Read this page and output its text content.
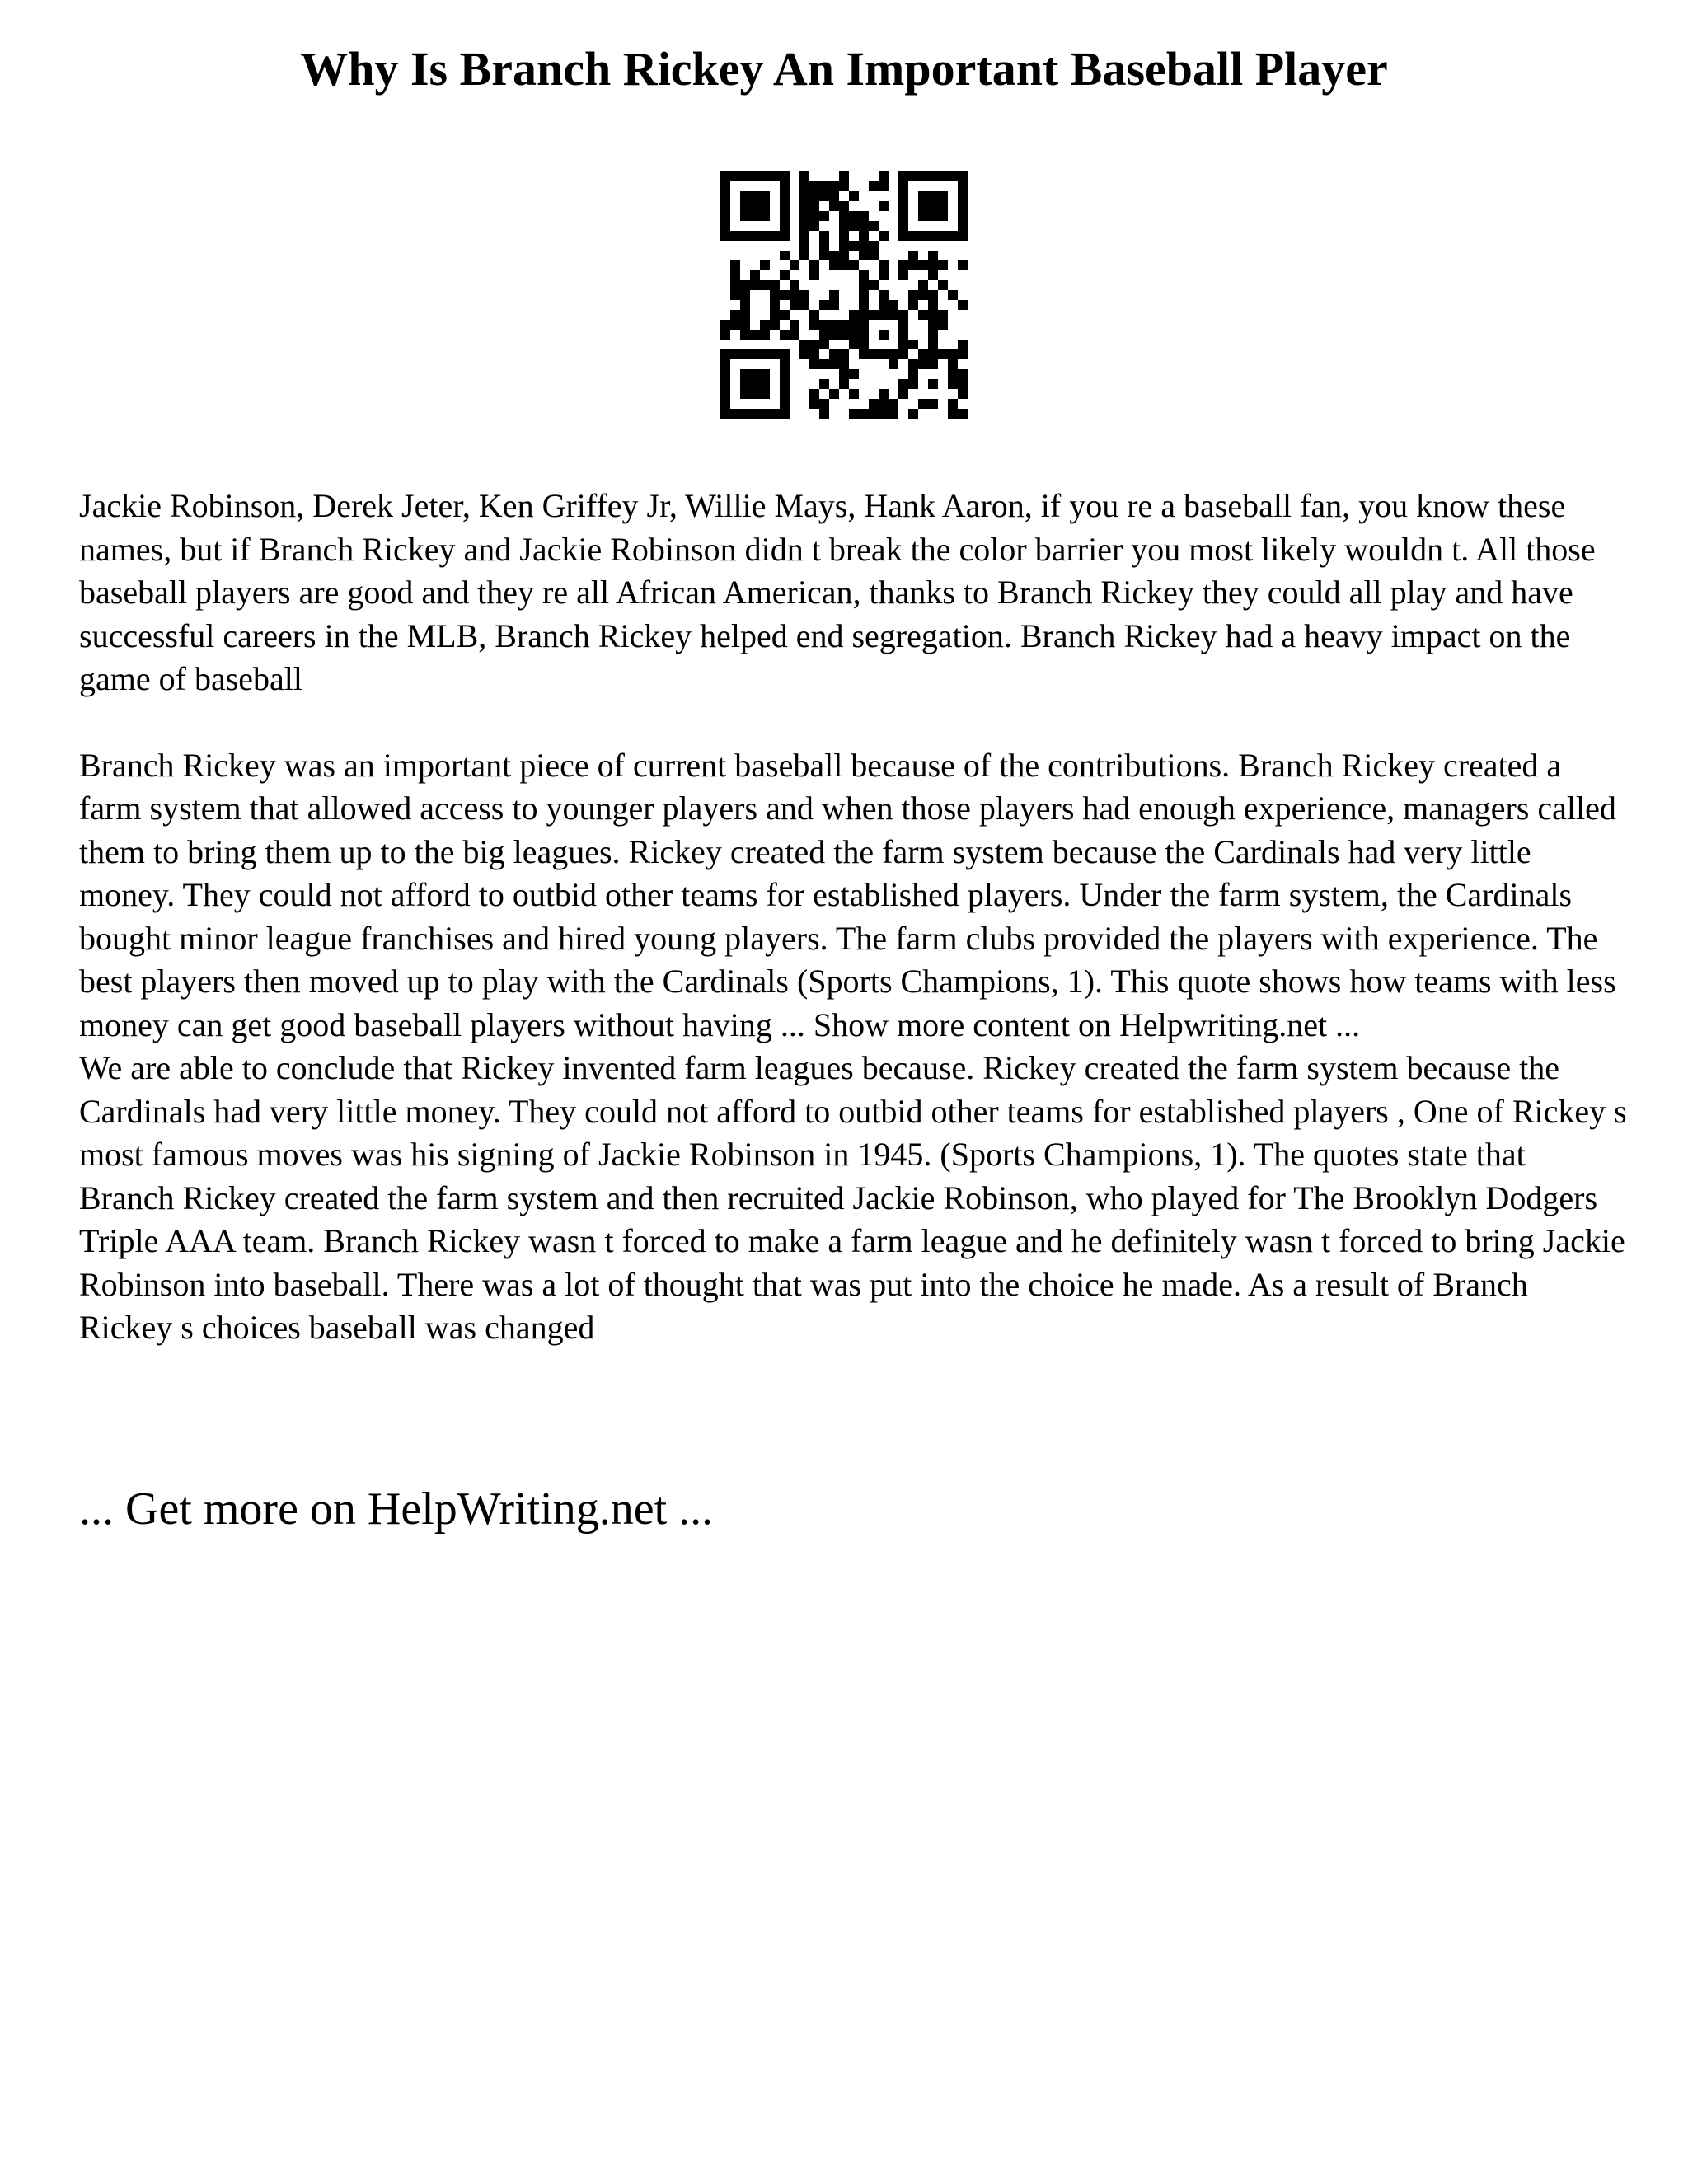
Why Is Branch Rickey An Important Baseball Player

Jackie Robinson, Derek Jeter, Ken Griffey Jr, Willie Mays, Hank Aaron, if you re a baseball fan, you know these names, but if Branch Rickey and Jackie Robinson didn t break the color barrier you most likely wouldn t. All those baseball players are good and they re all African American, thanks to Branch Rickey they could all play and have successful careers in the MLB, Branch Rickey helped end segregation. Branch Rickey had a heavy impact on the game of baseball

Branch Rickey was an important piece of current baseball because of the contributions. Branch Rickey created a farm system that allowed access to younger players and when those players had enough experience, managers called them to bring them up to the big leagues. Rickey created the farm system because the Cardinals had very little money. They could not afford to outbid other teams for established players. Under the farm system, the Cardinals bought minor league franchises and hired young players. The farm clubs provided the players with experience. The best players then moved up to play with the Cardinals (Sports Champions, 1). This quote shows how teams with less money can get good baseball players without having ... Show more content on Helpwriting.net ...

We are able to conclude that Rickey invented farm leagues because. Rickey created the farm system because the Cardinals had very little money. They could not afford to outbid other teams for established players , One of Rickey s most famous moves was his signing of Jackie Robinson in 1945. (Sports Champions, 1). The quotes state that Branch Rickey created the farm system and then recruited Jackie Robinson, who played for The Brooklyn Dodgers Triple AAA team. Branch Rickey wasn t forced to make a farm league and he definitely wasn t forced to bring Jackie Robinson into baseball. There was a lot of thought that was put into the choice he made. As a result of Branch Rickey s choices baseball was changed

... Get more on HelpWriting.net ...
